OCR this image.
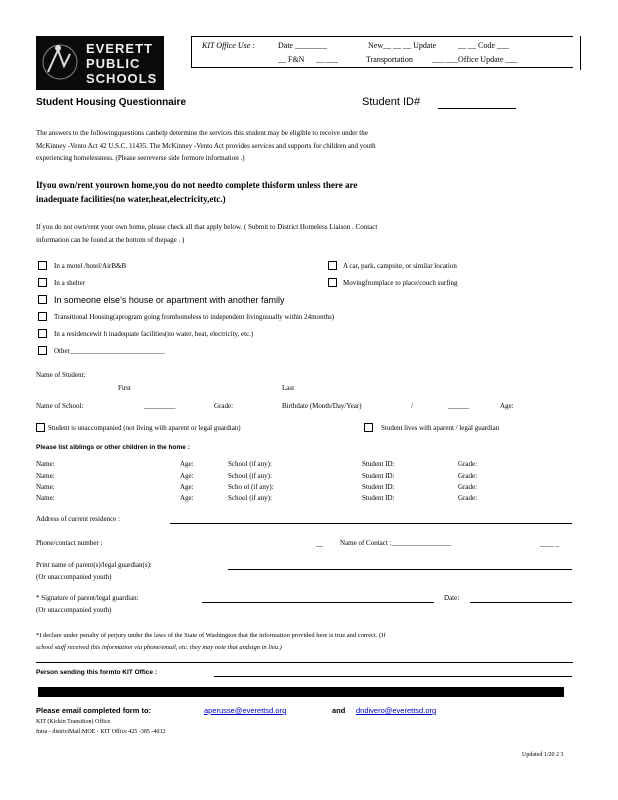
EVERETT
PUBLIC
SCHOOLS
KIT Office Use :	Date ________	New__ __ __ Update	__ __ Code ___
__ F&N __ ___	Transportation ___ ___Office Update ___
Student Housing Questionnaire	Student ID#
The answers to the followingquestions canhelp determine the services this student may be eligible to receive under the
McKinney -Vento Act 42 U.S.C. 11435. The McKinney -Vento Act provides services and supports for children and youth
experiencing homelessness. (Please seereverse side formore information .)
Ifyou own/rent yourown home,you do not needto complete thisform unless there are
inadequate facilities(no water,heat,electricity,etc.)
If you do not own/rent your own home, please check all that apply below. ( Submit to District Homeless Liaison . Contact
information can be found at the bottom of thepage . )
In a motel /hotel/AirB&B	A car, park, campsite, or similar location
In a shelter	Movingfromplace to place/couch surfing
In someone else’s house or apartment with another family
Transitional Housing(aprogram going fromhomeless to independent livingusually within 24months)
In a residencewit h inadequate facilities(no water, heat, electricity, etc.)
Other___________________________
Name of Student:
First	Last
Name of School:	_________	Grade:	Birthdate (Month/Day/Year)	/	______	Age:
Student is unaccompanied (not living with aparent or legal guardian)	Student lives with aparent / legal guardian
Please list siblings or other children in the home :
Name:	Age:	School (if any):	Student ID:	Grade:
Name:	Age:	School (if any):	Student ID:	Grade:
Name:	Age:	Scho ol (if any):	Student ID:	Grade:
Name:	Age:	School (if any):	Student ID:	Grade:
Address of current residence :
Phone/contact number :	__ Name of Contact :_________________	____ _
Print name of parent(s)/legal guardian(s):
(Or unaccompanied youth)
* Signature of parent/legal guardian:	Date:
(Or unaccompanied youth)
*I declare under penalty of perjury under the laws of the State of Washington that the information provided here is true and correct. (If
school staff received this information via phone/email, etc. they may note that andsign in lieu.)
Person sending this formto KIT Office :
Please email completed form to:	aperusse@everettsd.org	and dndivero@everettsd.org
KIT (Kickin Transition) Office
Intra - districtMail:MOE - KIT Office 425 -385 -4032
Updated 1/20 2 3
